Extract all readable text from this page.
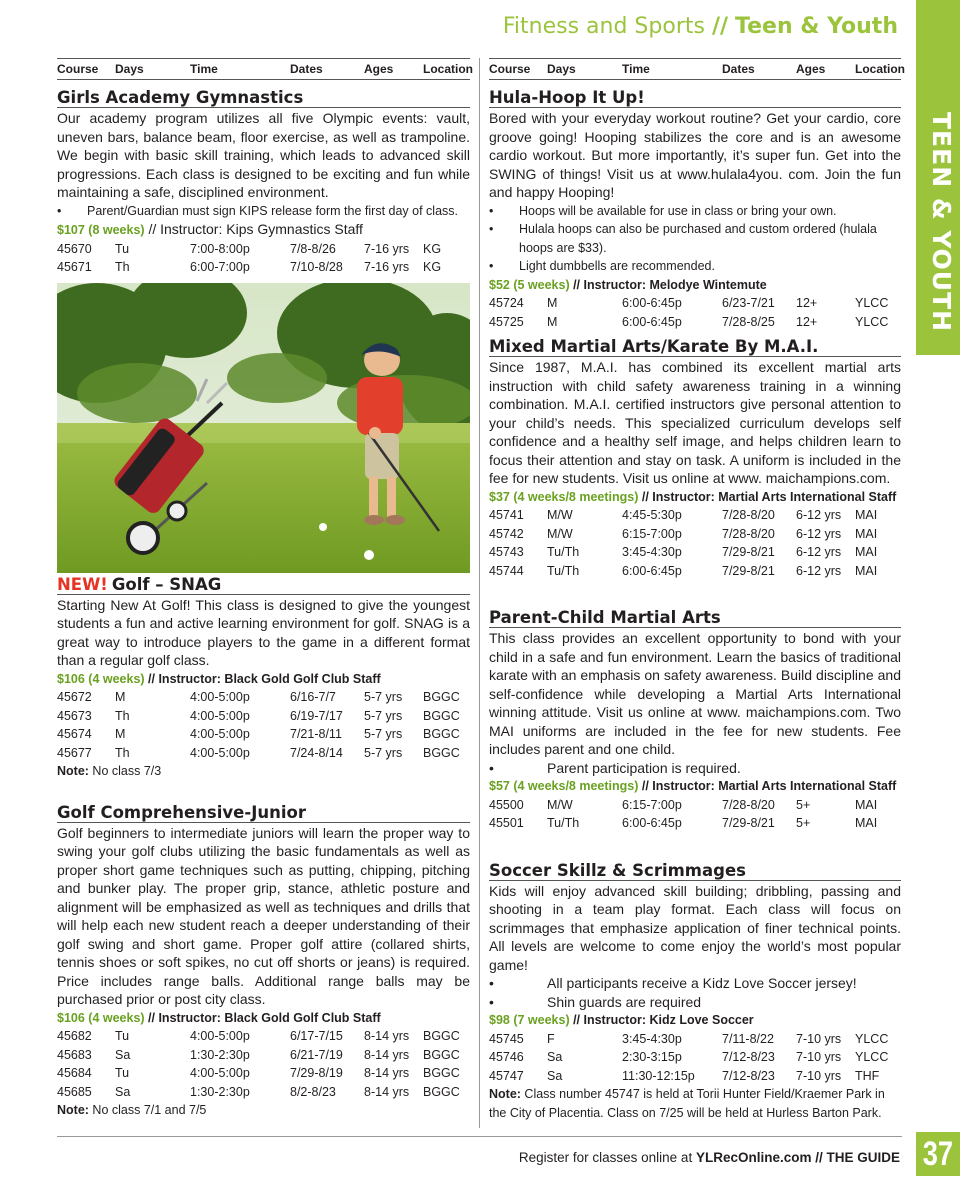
Fitness and Sports // Teen & Youth
TEEN & YOUTH
37
Course	Days	Time	Dates	Ages	Location
Girls Academy Gymnastics
Our academy program utilizes all five Olympic events: vault, uneven bars, balance beam, floor exercise, as well as trampoline. We begin with basic skill training, which leads to advanced skill progressions. Each class is designed to be exciting and fun while maintaining a safe, disciplined environment.
•	Parent/Guardian must sign KIPS release form the first day of class.
$107 (8 weeks) // Instructor: Kips Gymnastics Staff
45670	Tu	7:00-8:00p	7/8-8/26	7-16 yrs	KG
45671	Th	6:00-7:00p	7/10-8/28	7-16 yrs	KG
NEW! Golf – SNAG
Starting New At Golf! This class is designed to give the youngest students a fun and active learning environment for golf. SNAG is a great way to introduce players to the game in a different format than a regular golf class.
$106 (4 weeks) // Instructor: Black Gold Golf Club Staff
45672	M	4:00-5:00p	6/16-7/7	5-7 yrs	BGGC
45673	Th	4:00-5:00p	6/19-7/17	5-7 yrs	BGGC
45674	M	4:00-5:00p	7/21-8/11	5-7 yrs	BGGC
45677	Th	4:00-5:00p	7/24-8/14	5-7 yrs	BGGC
Note: No class 7/3
Golf Comprehensive-Junior
Golf beginners to intermediate juniors will learn the proper way to swing your golf clubs utilizing the basic fundamentals as well as proper short game techniques such as putting, chipping, pitching and bunker play. The proper grip, stance, athletic posture and alignment will be emphasized as well as techniques and drills that will help each new student reach a deeper understanding of their golf swing and short game. Proper golf attire (collared shirts, tennis shoes or soft spikes, no cut off shorts or jeans) is required. Price includes range balls. Additional range balls may be purchased prior or post city class.
$106 (4 weeks) // Instructor: Black Gold Golf Club Staff
45682	Tu	4:00-5:00p	6/17-7/15	8-14 yrs	BGGC
45683	Sa	1:30-2:30p	6/21-7/19	8-14 yrs	BGGC
45684	Tu	4:00-5:00p	7/29-8/19	8-14 yrs	BGGC
45685	Sa	1:30-2:30p	8/2-8/23	8-14 yrs	BGGC
Note: No class 7/1 and 7/5
Course	Days	Time	Dates	Ages	Location
Hula-Hoop It Up!
Bored with your everyday workout routine? Get your cardio, core groove going! Hooping stabilizes the core and is an awesome cardio workout. But more importantly, it’s super fun. Get into the SWING of things! Visit us at www.hulala4you. com. Join the fun and happy Hooping!
•	Hoops will be available for use in class or bring your own.
•	Hulala hoops can also be purchased and custom ordered (hulala hoops are $33).
•	Light dumbbells are recommended.
$52 (5 weeks) // Instructor: Melodye Wintemute
45724	M	6:00-6:45p	6/23-7/21	12+	YLCC
45725	M	6:00-6:45p	7/28-8/25	12+	YLCC
Mixed Martial Arts/Karate By M.A.I.
Since 1987, M.A.I. has combined its excellent martial arts instruction with child safety awareness training in a winning combination. M.A.I. certified instructors give personal attention to your child’s needs. This specialized curriculum develops self confidence and a healthy self image, and helps children learn to focus their attention and stay on task. A uniform is included in the fee for new students. Visit us online at www. maichampions.com.
$37 (4 weeks/8 meetings) // Instructor: Martial Arts International Staff
45741	M/W	4:45-5:30p	7/28-8/20	6-12 yrs	MAI
45742	M/W	6:15-7:00p	7/28-8/20	6-12 yrs	MAI
45743	Tu/Th	3:45-4:30p	7/29-8/21	6-12 yrs	MAI
45744	Tu/Th	6:00-6:45p	7/29-8/21	6-12 yrs	MAI
Parent-Child Martial Arts
This class provides an excellent opportunity to bond with your child in a safe and fun environment. Learn the basics of traditional karate with an emphasis on safety awareness. Build discipline and self-confidence while developing a Martial Arts International winning attitude. Visit us online at www. maichampions.com. Two MAI uniforms are included in the fee for new students. Fee includes parent and one child.
•	Parent participation is required.
$57 (4 weeks/8 meetings) // Instructor: Martial Arts International Staff
45500	M/W	6:15-7:00p	7/28-8/20	5+	MAI
45501	Tu/Th	6:00-6:45p	7/29-8/21	5+	MAI
Soccer Skillz & Scrimmages
Kids will enjoy advanced skill building; dribbling, passing and shooting in a team play format. Each class will focus on scrimmages that emphasize application of finer technical points. All levels are welcome to come enjoy the world’s most popular game!
•	All participants receive a Kidz Love Soccer jersey!
•	Shin guards are required
$98 (7 weeks) // Instructor: Kidz Love Soccer
45745	F	3:45-4:30p	7/11-8/22	7-10 yrs	YLCC
45746	Sa	2:30-3:15p	7/12-8/23	7-10 yrs	YLCC
45747	Sa	11:30-12:15p	7/12-8/23	7-10 yrs	THF
Note: Class number 45747 is held at Torii Hunter Field/Kraemer Park in the City of Placentia. Class on 7/25 will be held at Hurless Barton Park.
Register for classes online at YLRecOnline.com // THE GUIDE
